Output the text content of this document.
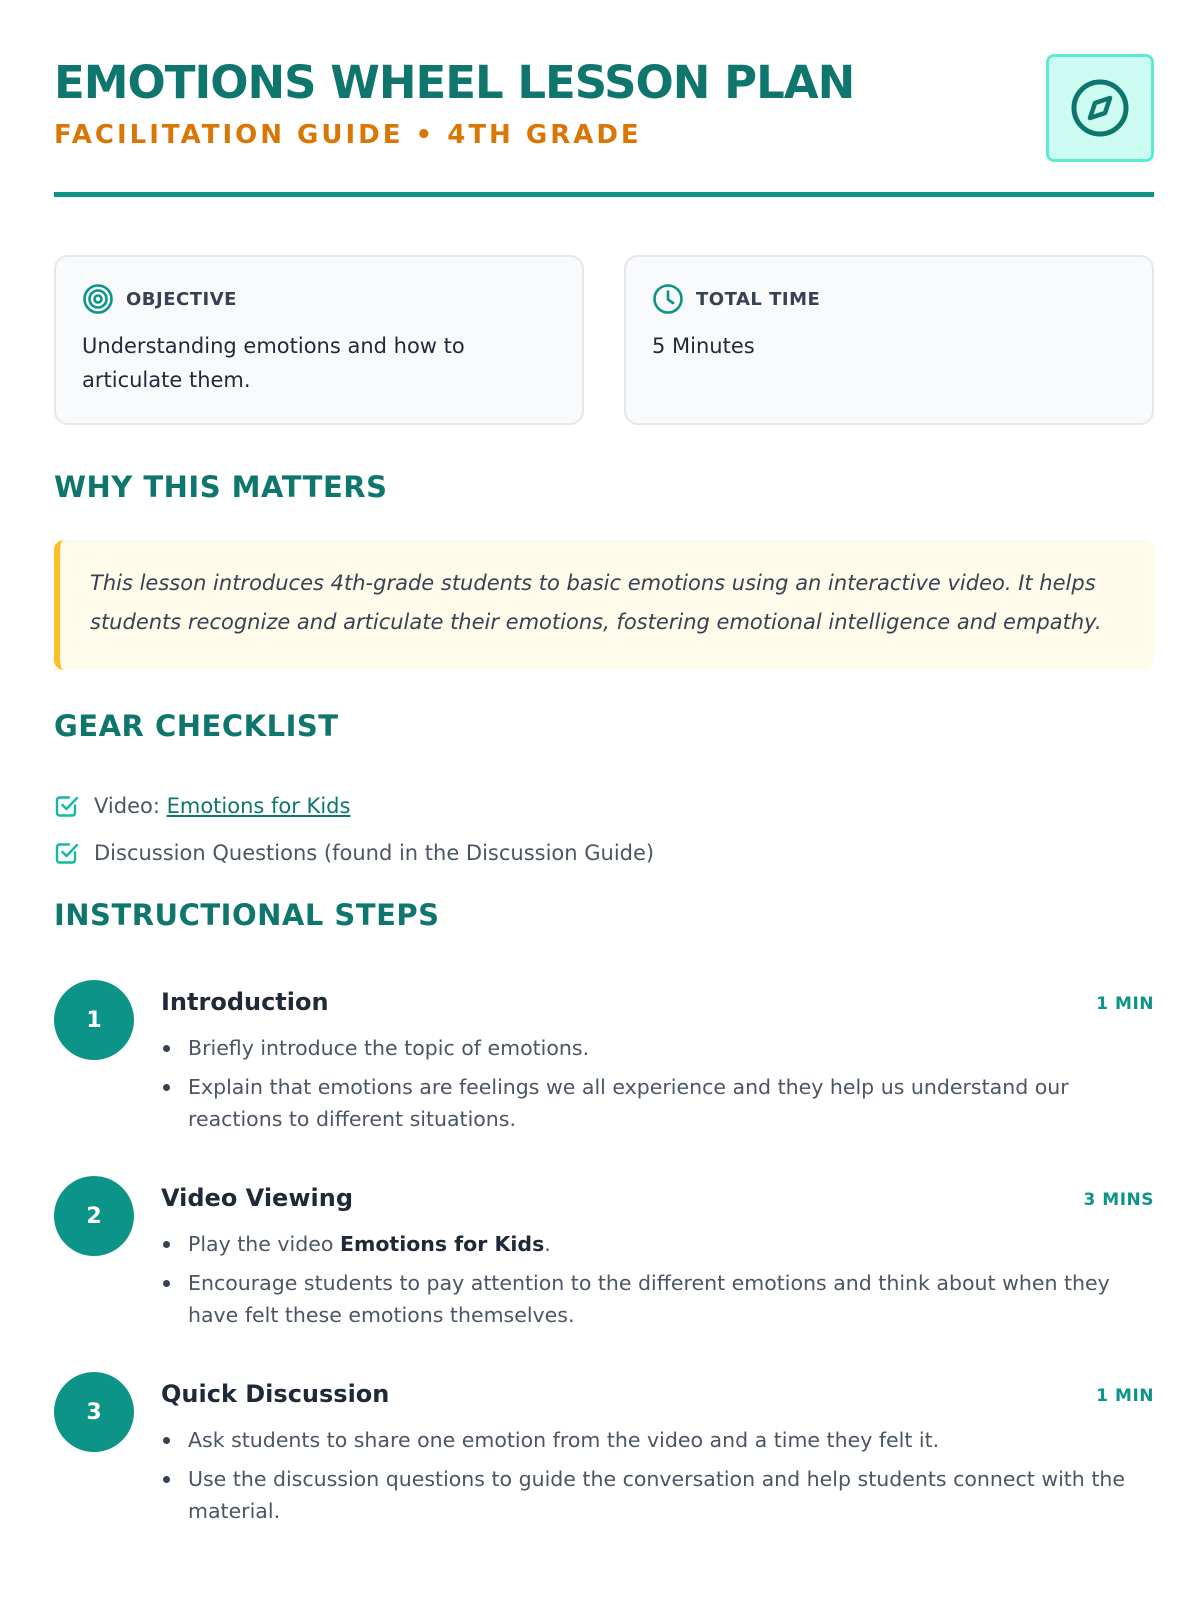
EMOTIONS WHEEL LESSON PLAN
FACILITATION GUIDE • 4TH GRADE
OBJECTIVE
Understanding emotions and how to articulate them.
TOTAL TIME
5 Minutes
WHY THIS MATTERS
This lesson introduces 4th-grade students to basic emotions using an interactive video. It helps students recognize and articulate their emotions, fostering emotional intelligence and empathy.
GEAR CHECKLIST
Video: Emotions for Kids
Discussion Questions (found in the Discussion Guide)
INSTRUCTIONAL STEPS
1
Introduction	1 MIN
Briefly introduce the topic of emotions.
Explain that emotions are feelings we all experience and they help us understand our reactions to different situations.
2
Video Viewing	3 MINS
Play the video Emotions for Kids.
Encourage students to pay attention to the different emotions and think about when they have felt these emotions themselves.
3
Quick Discussion	1 MIN
Ask students to share one emotion from the video and a time they felt it.
Use the discussion questions to guide the conversation and help students connect with the material.
